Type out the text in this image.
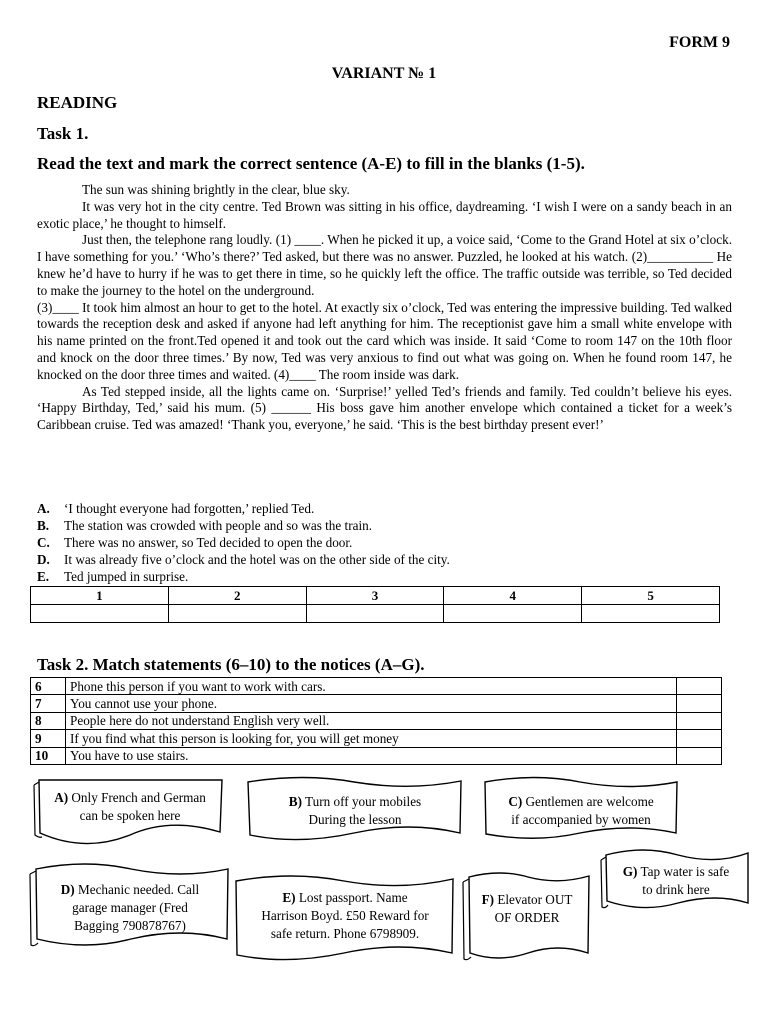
FORM 9
VARIANT № 1
READING
Task 1.
Read the text and mark the correct sentence (A-E) to fill in the blanks (1-5).

The sun was shining brightly in the clear, blue sky.

It was very hot in the city centre. Ted Brown was sitting in his office, daydreaming. ‘I wish I were on a sandy beach in an exotic place,’ he thought to himself.

Just then, the telephone rang loudly. (1) ____. When he picked it up, a voice said, ‘Come to the Grand Hotel at six o’clock. I have something for you.’ ‘Who’s there?’ Ted asked, but there was no answer. Puzzled, he looked at his watch. (2)__________ He knew he’d have to hurry if he was to get there in time, so he quickly left the office. The traffic outside was terrible, so Ted decided to make the journey to the hotel on the underground.

(3)____ It took him almost an hour to get to the hotel. At exactly six o’clock, Ted was entering the impressive building. Ted walked towards the reception desk and asked if anyone had left anything for him. The receptionist gave him a small white envelope with his name printed on the front.Ted opened it and took out the card which was inside. It said ‘Come to room 147 on the 10th floor and knock on the door three times.’ By now, Ted was very anxious to find out what was going on. When he found room 147, he knocked on the door three times and waited. (4)____ The room inside was dark.

As Ted stepped inside, all the lights came on. ‘Surprise!’ yelled Ted’s friends and family. Ted couldn’t believe his eyes. ‘Happy Birthday, Ted,’ said his mum. (5) ______ His boss gave him another envelope which contained a ticket for a week’s Caribbean cruise. Ted was amazed! ‘Thank you, everyone,’ he said. ‘This is the best birthday present ever!’

A.	‘I thought everyone had forgotten,’ replied Ted.
B.	The station was crowded with people and so was the train.
C.	There was no answer, so Ted decided to open the door.
D.	It was already five o’clock and the hotel was on the other side of the city.
E.	Ted jumped in surprise.
1	2	3	4	5

Task 2. Match statements (6–10) to the notices (A–G).
6	Phone this person if you want to work with cars.	
7	You cannot use your phone.	
8	People here do not understand English very well.	
9	If you find what this person is looking for, you will get money	
10	You have to use stairs.	
A) Only French and German
can be spoken here
B) Turn off your mobiles
During the lesson
C) Gentlemen are welcome
if accompanied by women
G) Tap water is safe
to drink here
D) Mechanic needed. Call
garage manager (Fred
Bagging 790878767)
E) Lost passport. Name
Harrison Boyd. £50 Reward for
safe return. Phone 6798909.
F) Elevator OUT
OF ORDER
